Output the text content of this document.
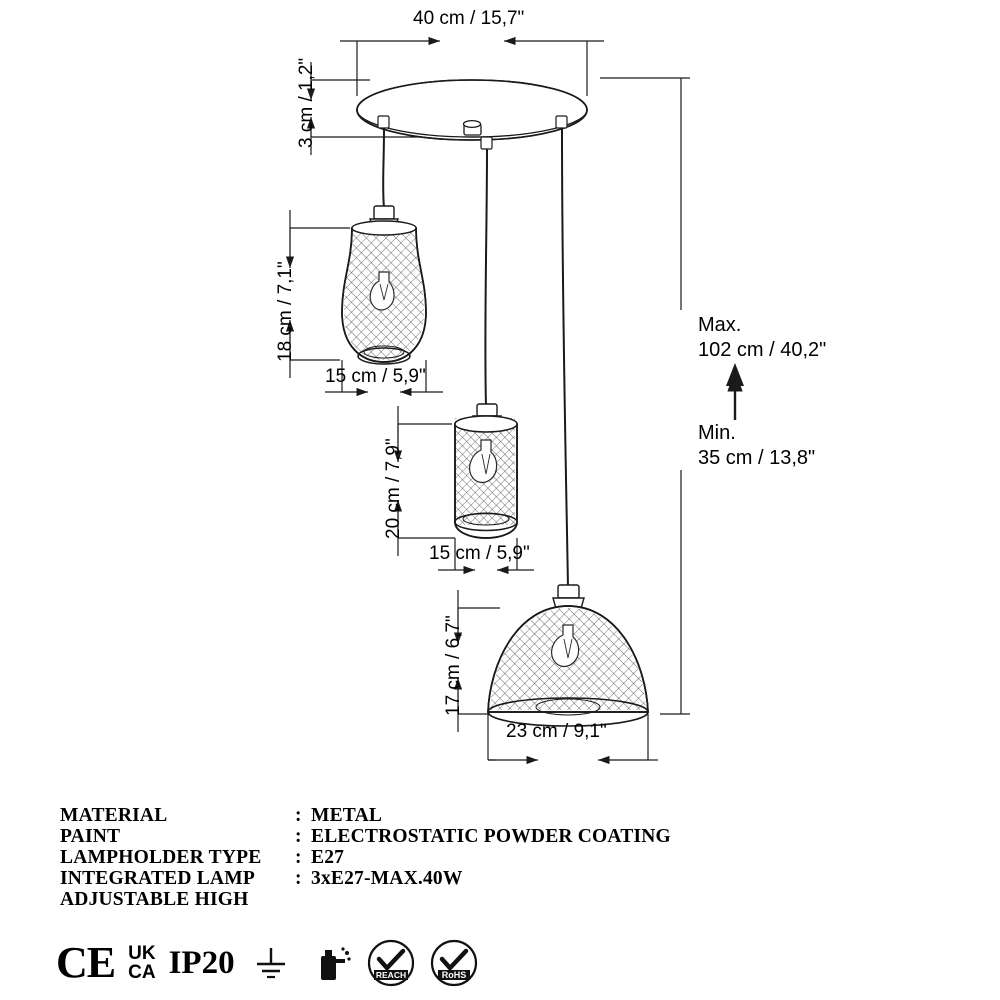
40 cm / 15,7"
3 cm / 1,2"
18 cm / 7,1"
15 cm / 5,9"
20 cm / 7,9"
15 cm / 5,9"
17 cm / 6,7"
23 cm / 9,1"
Max.
102 cm / 40,2"
Min.
35 cm / 13,8"
MATERIAL	:	METAL
PAINT	:	ELECTROSTATIC POWDER COATING
LAMPHOLDER TYPE	:	E27
INTEGRATED LAMP	:	3xE27-MAX.40W
ADJUSTABLE HIGH		
CE UK
CA IP20	REACH	RoHS
